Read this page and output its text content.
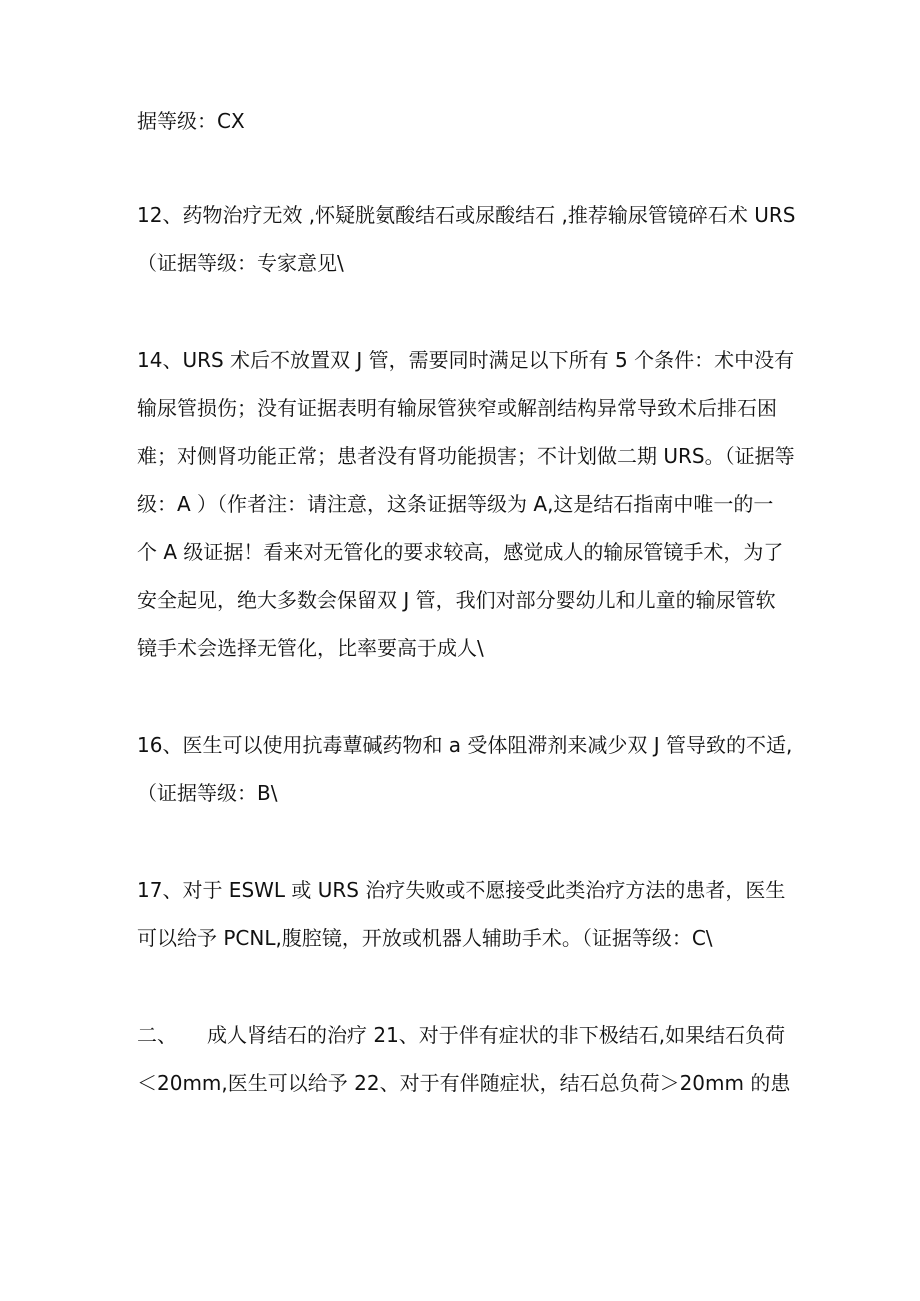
据等级：CX
12、药物治疗无效 ,怀疑胱氨酸结石或尿酸结石 ,推荐输尿管镜碎石术 URS
（证据等级：专家意见\
14、URS 术后不放置双 J 管，需要同时满足以下所有 5 个条件：术中没有
输尿管损伤；没有证据表明有输尿管狭窄或解剖结构异常导致术后排石困
难；对侧肾功能正常；患者没有肾功能损害；不计划做二期 URS。（证据等
级：A ）（作者注：请注意，这条证据等级为 A,这是结石指南中唯一的一
个 A 级证据！看来对无管化的要求较高，感觉成人的输尿管镜手术，为了
安全起见，绝大多数会保留双 J 管，我们对部分婴幼儿和儿童的输尿管软
镜手术会选择无管化，比率要高于成人\
16、医生可以使用抗毒蕈碱药物和 a 受体阻滞剂来减少双 J 管导致的不适,
（证据等级：B\
17、对于 ESWL 或 URS 治疗失败或不愿接受此类治疗方法的患者，医生
可以给予 PCNL,腹腔镜，开放或机器人辅助手术。（证据等级：C\
二、 成人肾结石的治疗 21、对于伴有症状的非下极结石,如果结石负荷
＜20mm,医生可以给予 22、对于有伴随症状，结石总负荷＞20mm 的患
